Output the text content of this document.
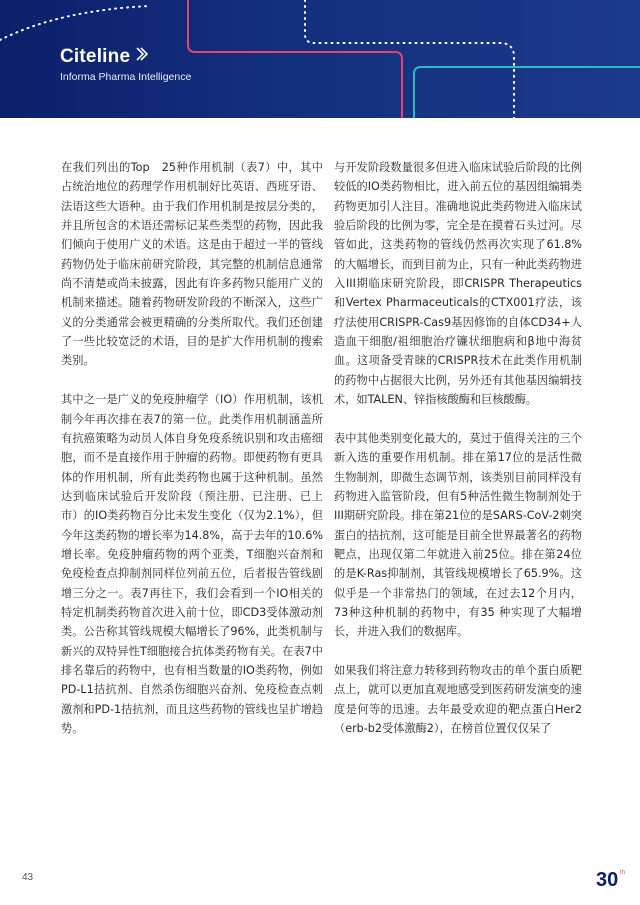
Citeline
Informa Pharma Intelligence

在我们列出的Top　25种作用机制（表7）中，其中占统治地位的药理学作用机制好比英语、西班牙语、法语这些大语种。由于我们作用机制是按层分类的，并且所包含的术语还需标记某些类型的药物，因此我们倾向于使用广义的术语。这是由于超过一半的管线药物仍处于临床前研究阶段，其完整的机制信息通常尚不清楚或尚未披露，因此有许多药物只能用广义的机制来描述。随着药物研发阶段的不断深入，这些广义的分类通常会被更精确的分类所取代。我们还创建了一些比较宽泛的术语，目的是扩大作用机制的搜索类别。

其中之一是广义的免疫肿瘤学（IO）作用机制，该机制今年再次排在表7的第一位。此类作用机制涵盖所有抗癌策略为动员人体自身免疫系统识别和攻击癌细胞，而不是直接作用于肿瘤的药物。即便药物有更具体的作用机制，所有此类药物也属于这种机制。虽然达到临床试验后开发阶段（预注册、已注册、已上市）的IO类药物百分比未发生变化（仅为2.1%），但今年这类药物的增长率为14.8%，高于去年的10.6%增长率。免疫肿瘤药物的两个亚类，T细胞兴奋剂和免疫检查点抑制剂同样位列前五位，后者报告管线剧增三分之一。表7再往下，我们会看到一个IO相关的特定机制类药物首次进入前十位，即CD3受体激动剂类。公告称其管线规模大幅增长了96%，此类机制与新兴的双特异性T细胞接合抗体类药物有关。在表7中排名靠后的药物中，也有相当数量的IO类药物，例如PD-L1拮抗剂、自然杀伤细胞兴奋剂、免疫检查点刺激剂和PD-1拮抗剂，而且这些药物的管线也呈扩增趋势。

与开发阶段数量很多但进入临床试验后阶段的比例较低的IO类药物相比，进入前五位的基因组编辑类药物更加引人注目。准确地说此类药物进入临床试验后阶段的比例为零，完全是在摸着石头过河。尽管如此，这类药物的管线仍然再次实现了61.8%的大幅增长，而到目前为止，只有一种此类药物进入III期临床研究阶段，即CRISPR Therapeutics和Vertex Pharmaceuticals的CTX001疗法，该疗法使用CRISPR-Cas9基因修饰的自体CD34+人造血干细胞/祖细胞治疗镰状细胞病和β地中海贫血。这项备受青睐的CRISPR技术在此类作用机制的药物中占据很大比例，另外还有其他基因编辑技术，如TALEN、锌指核酸酶和巨核酸酶。

表中其他类别变化最大的，莫过于值得关注的三个新入选的重要作用机制。排在第17位的是活性微生物制剂，即微生态调节剂，该类别目前同样没有药物进入监管阶段，但有5种活性微生物制剂处于III期研究阶段。排在第21位的是SARS-CoV-2刺突蛋白的拮抗剂，这可能是目前全世界最著名的药物靶点，出现仅第二年就进入前25位。排在第24位的是K-Ras抑制剂，其管线规模增长了65.9%。这似乎是一个非常热门的领域，在过去12个月内，73种这种机制的药物中，有35 种实现了大幅增长，并进入我们的数据库。

如果我们将注意力转移到药物攻击的单个蛋白质靶点上，就可以更加直观地感受到医药研发演变的速度是何等的迅速。去年最受欢迎的靶点蛋白Her2（erb-b2受体激酶2），在榜首位置仅仅呆了

43	30 th
